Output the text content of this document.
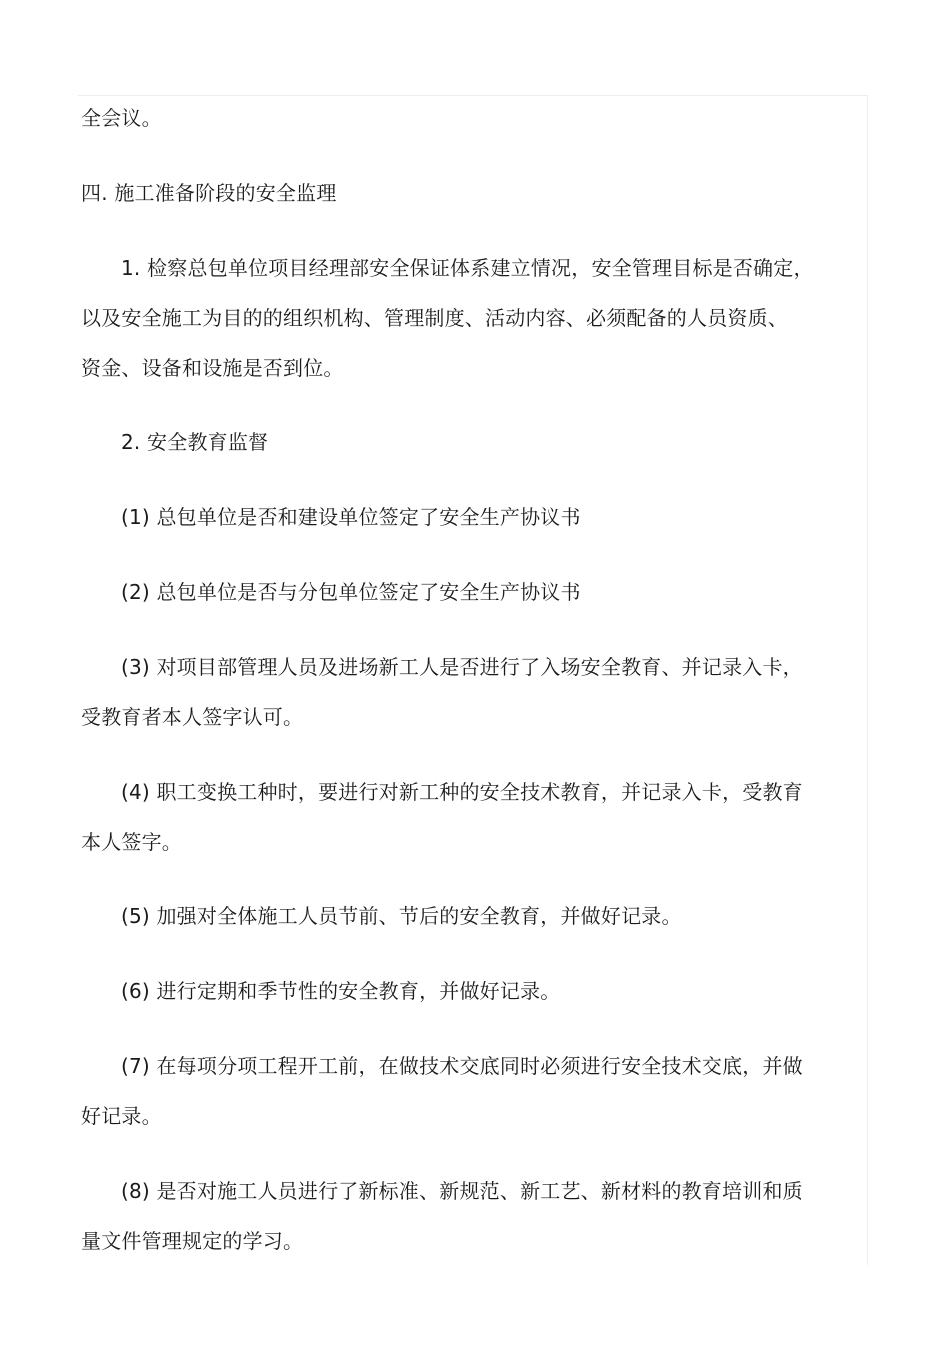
全会议。
四. 施工准备阶段的安全监理
1. 检察总包单位项目经理部安全保证体系建立情况，安全管理目标是否确定，
以及安全施工为目的的组织机构、管理制度、活动内容、必须配备的人员资质、
资金、设备和设施是否到位。
2. 安全教育监督
(1) 总包单位是否和建设单位签定了安全生产协议书
(2) 总包单位是否与分包单位签定了安全生产协议书
(3) 对项目部管理人员及进场新工人是否进行了入场安全教育、并记录入卡，
受教育者本人签字认可。
(4) 职工变换工种时，要进行对新工种的安全技术教育，并记录入卡，受教育
本人签字。
(5) 加强对全体施工人员节前、节后的安全教育，并做好记录。
(6) 进行定期和季节性的安全教育，并做好记录。
(7) 在每项分项工程开工前，在做技术交底同时必须进行安全技术交底，并做
好记录。
(8) 是否对施工人员进行了新标准、新规范、新工艺、新材料的教育培训和质
量文件管理规定的学习。
